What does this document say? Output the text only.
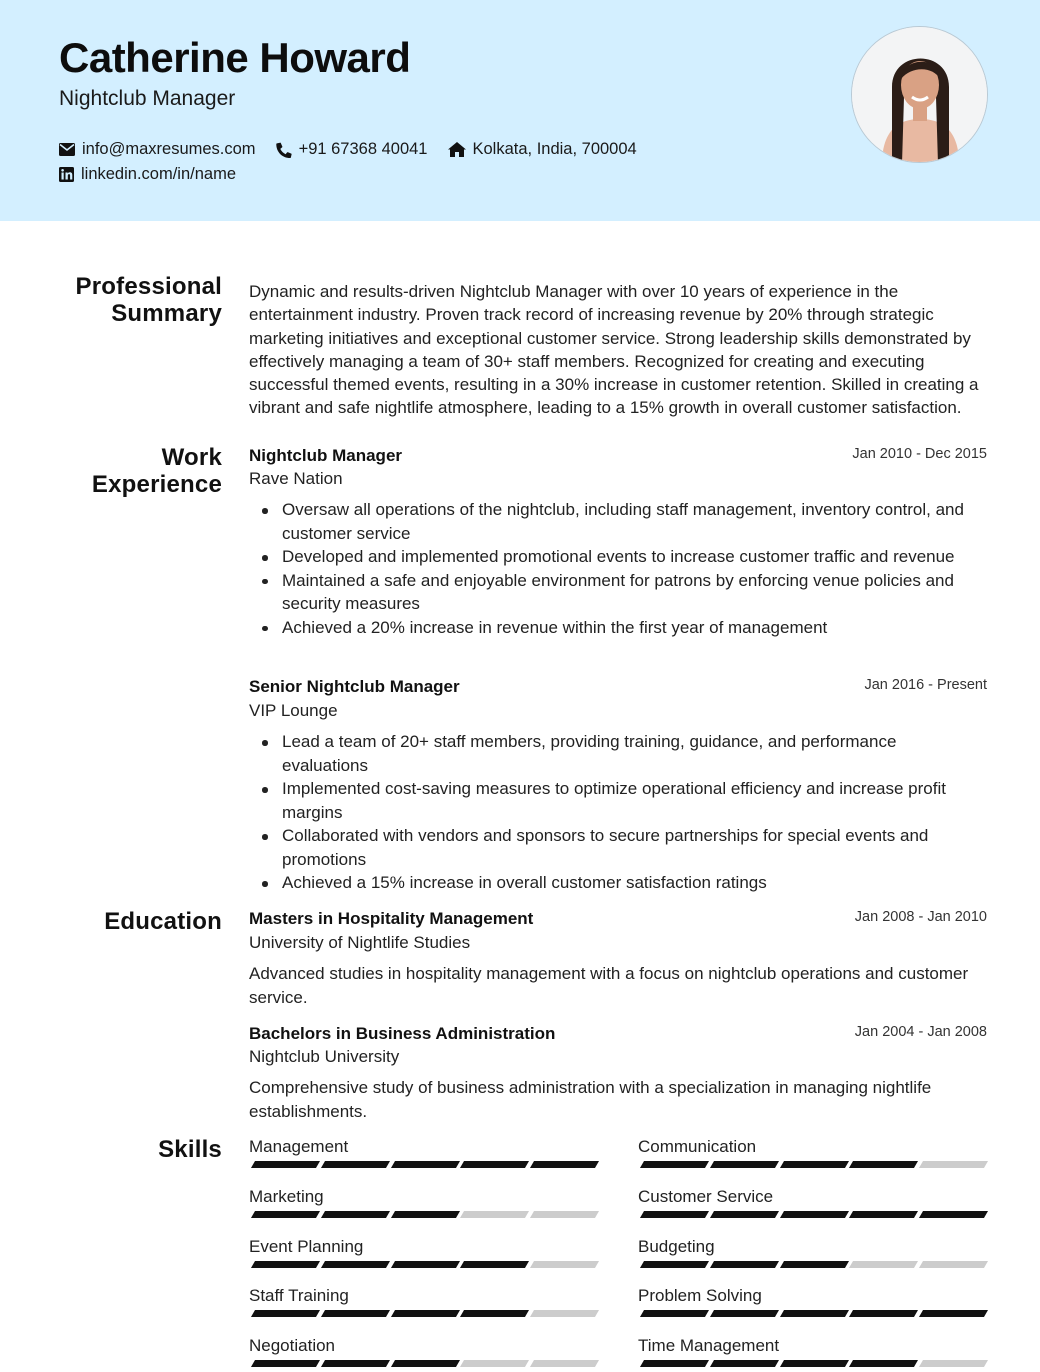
Catherine Howard
Nightclub Manager
info@maxresumes.com	+91 67368 40041	Kolkata, India, 700004
linkedin.com/in/name
Professional Summary
Dynamic and results-driven Nightclub Manager with over 10 years of experience in the entertainment industry. Proven track record of increasing revenue by 20% through strategic marketing initiatives and exceptional customer service. Strong leadership skills demonstrated by effectively managing a team of 30+ staff members. Recognized for creating and executing successful themed events, resulting in a 30% increase in customer retention. Skilled in creating a vibrant and safe nightlife atmosphere, leading to a 15% growth in overall customer satisfaction.
Work Experience
Nightclub Manager	Jan 2010 - Dec 2015
Rave Nation
Oversaw all operations of the nightclub, including staff management, inventory control, and customer service
Developed and implemented promotional events to increase customer traffic and revenue
Maintained a safe and enjoyable environment for patrons by enforcing venue policies and security measures
Achieved a 20% increase in revenue within the first year of management
Senior Nightclub Manager	Jan 2016 - Present
VIP Lounge
Lead a team of 20+ staff members, providing training, guidance, and performance evaluations
Implemented cost-saving measures to optimize operational efficiency and increase profit margins
Collaborated with vendors and sponsors to secure partnerships for special events and promotions
Achieved a 15% increase in overall customer satisfaction ratings
Education Masters in Hospitality Management	Jan 2008 - Jan 2010
University of Nightlife Studies
Advanced studies in hospitality management with a focus on nightclub operations and customer service.
Bachelors in Business Administration	Jan 2004 - Jan 2008
Nightclub University
Comprehensive study of business administration with a specialization in managing nightlife establishments.
Skills Management	Communication
Marketing	Customer Service
Event Planning	Budgeting
Staff Training	Problem Solving
Negotiation	Time Management
